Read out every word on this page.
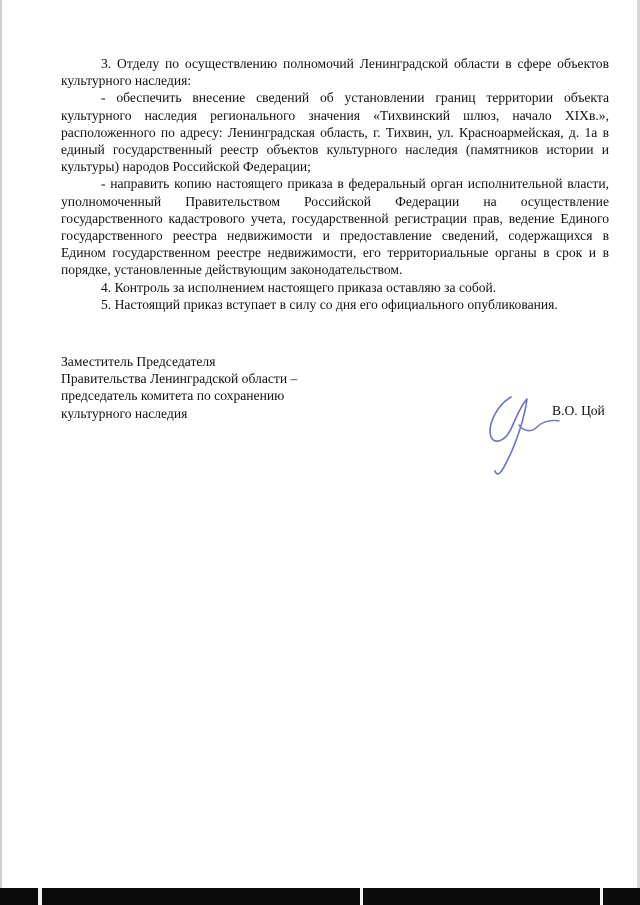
3. Отделу по осуществлению полномочий Ленинградской области в сфере объектов культурного наследия:

- обеспечить внесение сведений об установлении границ территории объекта культурного наследия регионального значения «Тихвинский шлюз, начало XIXв.», расположенного по адресу: Ленинградская область, г. Тихвин, ул. Красноармейская, д. 1а в единый государственный реестр объектов культурного наследия (памятников истории и культуры) народов Российской Федерации;

- направить копию настоящего приказа в федеральный орган исполнительной власти, уполномоченный Правительством Российской Федерации на осуществление государственного кадастрового учета, государственной регистрации прав, ведение Единого государственного реестра недвижимости и предоставление сведений, содержащихся в Едином государственном реестре недвижимости, его территориальные органы в срок и в порядке, установленные действующим законодательством.

4. Контроль за исполнением настоящего приказа оставляю за собой.

5. Настоящий приказ вступает в силу со дня его официального опубликования.

Заместитель Председателя
Правительства Ленинградской области –
председатель комитета по сохранению
культурного наследия	В.О. Цой
